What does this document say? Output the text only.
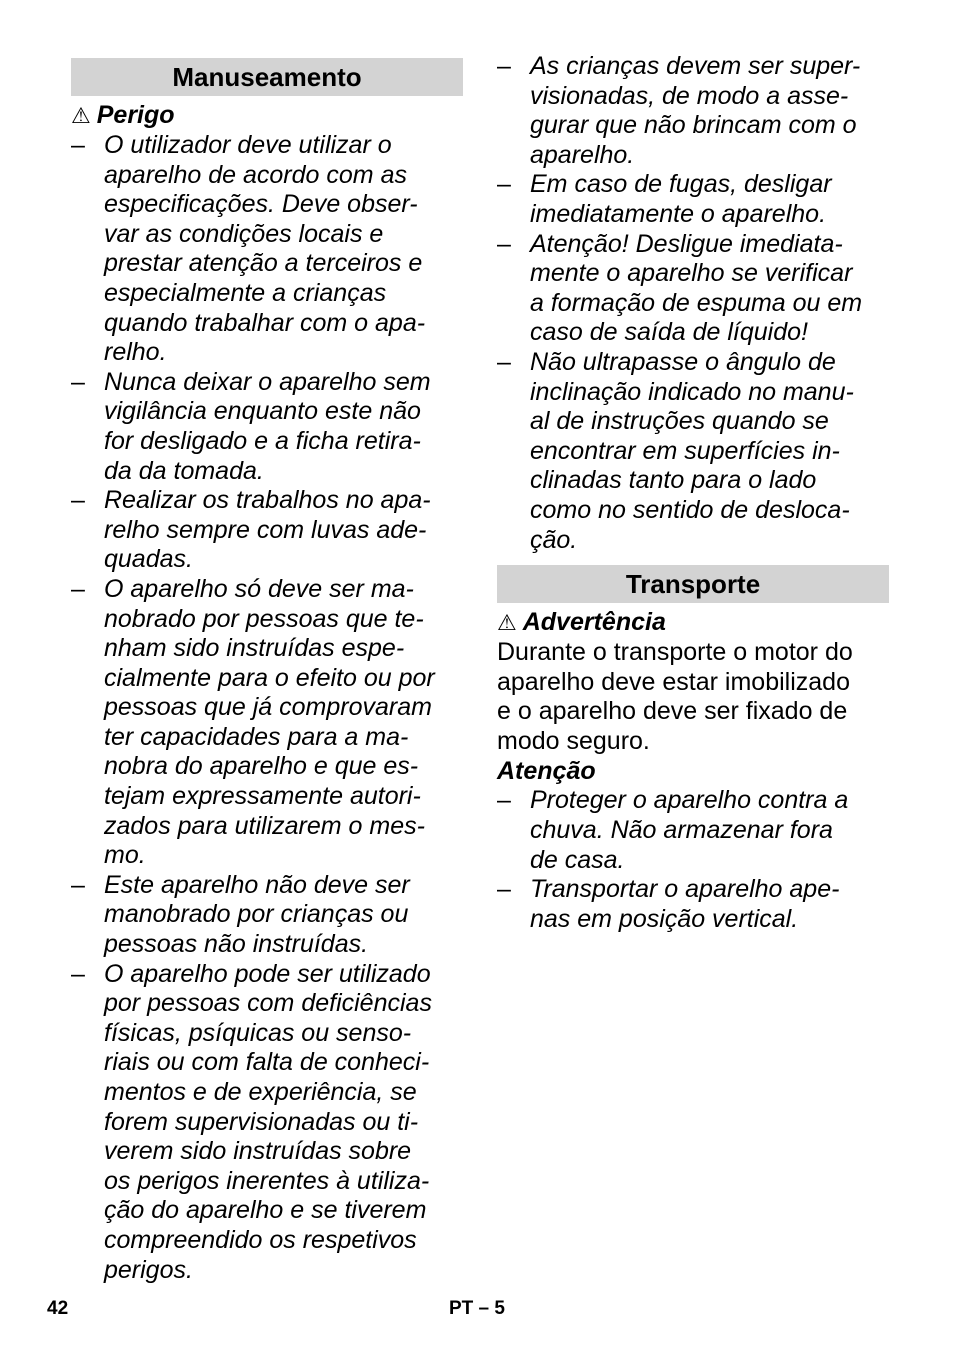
Manuseamento
⚠ Perigo
– O utilizador deve utilizar o
aparelho de acordo com as
especificações. Deve obser-
var as condições locais e
prestar atenção a terceiros e
especialmente a crianças
quando trabalhar com o apa-
relho.
– Nunca deixar o aparelho sem
vigilância enquanto este não
for desligado e a ficha retira-
da da tomada.
– Realizar os trabalhos no apa-
relho sempre com luvas ade-
quadas.
– O aparelho só deve ser ma-
nobrado por pessoas que te-
nham sido instruídas espe-
cialmente para o efeito ou por
pessoas que já comprovaram
ter capacidades para a ma-
nobra do aparelho e que es-
tejam expressamente autori-
zados para utilizarem o mes-
mo.
– Este aparelho não deve ser
manobrado por crianças ou
pessoas não instruídas.
– O aparelho pode ser utilizado
por pessoas com deficiências
físicas, psíquicas ou senso-
riais ou com falta de conheci-
mentos e de experiência, se
forem supervisionadas ou ti-
verem sido instruídas sobre
os perigos inerentes à utiliza-
ção do aparelho e se tiverem
compreendido os respetivos
perigos.
– As crianças devem ser super-
visionadas, de modo a asse-
gurar que não brincam com o
aparelho.
– Em caso de fugas, desligar
imediatamente o aparelho.
– Atenção! Desligue imediata-
mente o aparelho se verificar
a formação de espuma ou em
caso de saída de líquido!
– Não ultrapasse o ângulo de
inclinação indicado no manu-
al de instruções quando se
encontrar em superfícies in-
clinadas tanto para o lado
como no sentido de desloca-
ção.
Transporte
⚠ Advertência
Durante o transporte o motor do
aparelho deve estar imobilizado
e o aparelho deve ser fixado de
modo seguro.
Atenção
– Proteger o aparelho contra a
chuva. Não armazenar fora
de casa.
– Transportar o aparelho ape-
nas em posição vertical.
42	PT – 5
